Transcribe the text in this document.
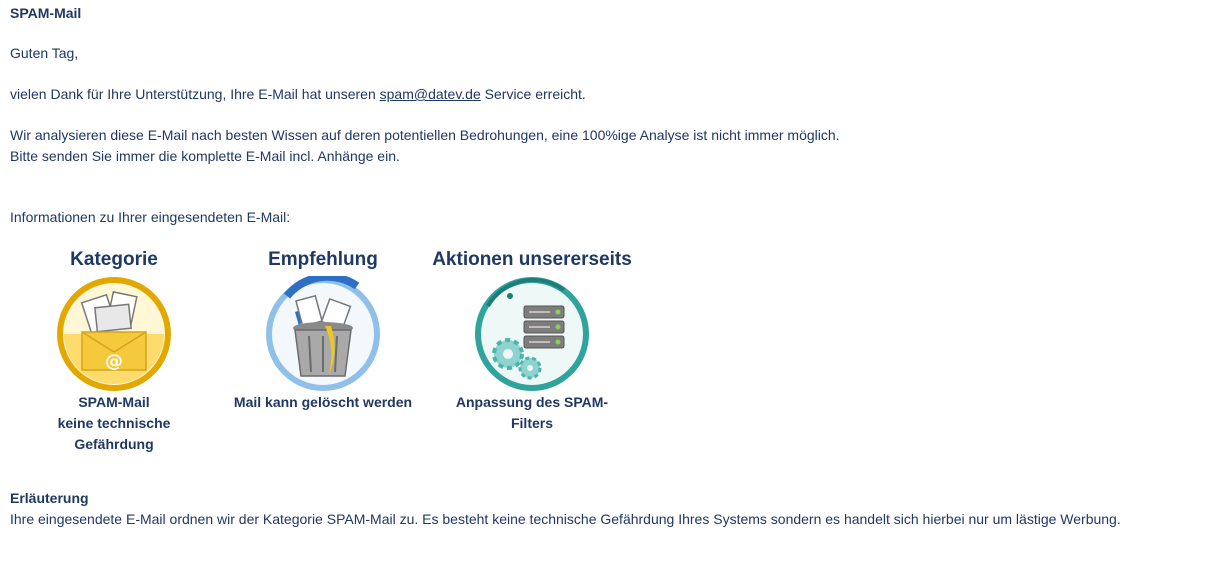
SPAM-Mail
Guten Tag,
vielen Dank für Ihre Unterstützung, Ihre E-Mail hat unseren spam@datev.de Service erreicht.
Wir analysieren diese E-Mail nach besten Wissen auf deren potentiellen Bedrohungen, eine 100%ige Analyse ist nicht immer möglich.
Bitte senden Sie immer die komplette E-Mail incl. Anhänge ein.
Informationen zu Ihrer eingesendeten E-Mail:
Kategorie
@
SPAM-Mail
keine technische
Gefährdung
Empfehlung
Mail kann gelöscht werden
Aktionen unsererseits
Anpassung des SPAM-
Filters
Erläuterung
Ihre eingesendete E-Mail ordnen wir der Kategorie SPAM-Mail zu. Es besteht keine technische Gefährdung Ihres Systems sondern es handelt sich hierbei nur um lästige Werbung.
